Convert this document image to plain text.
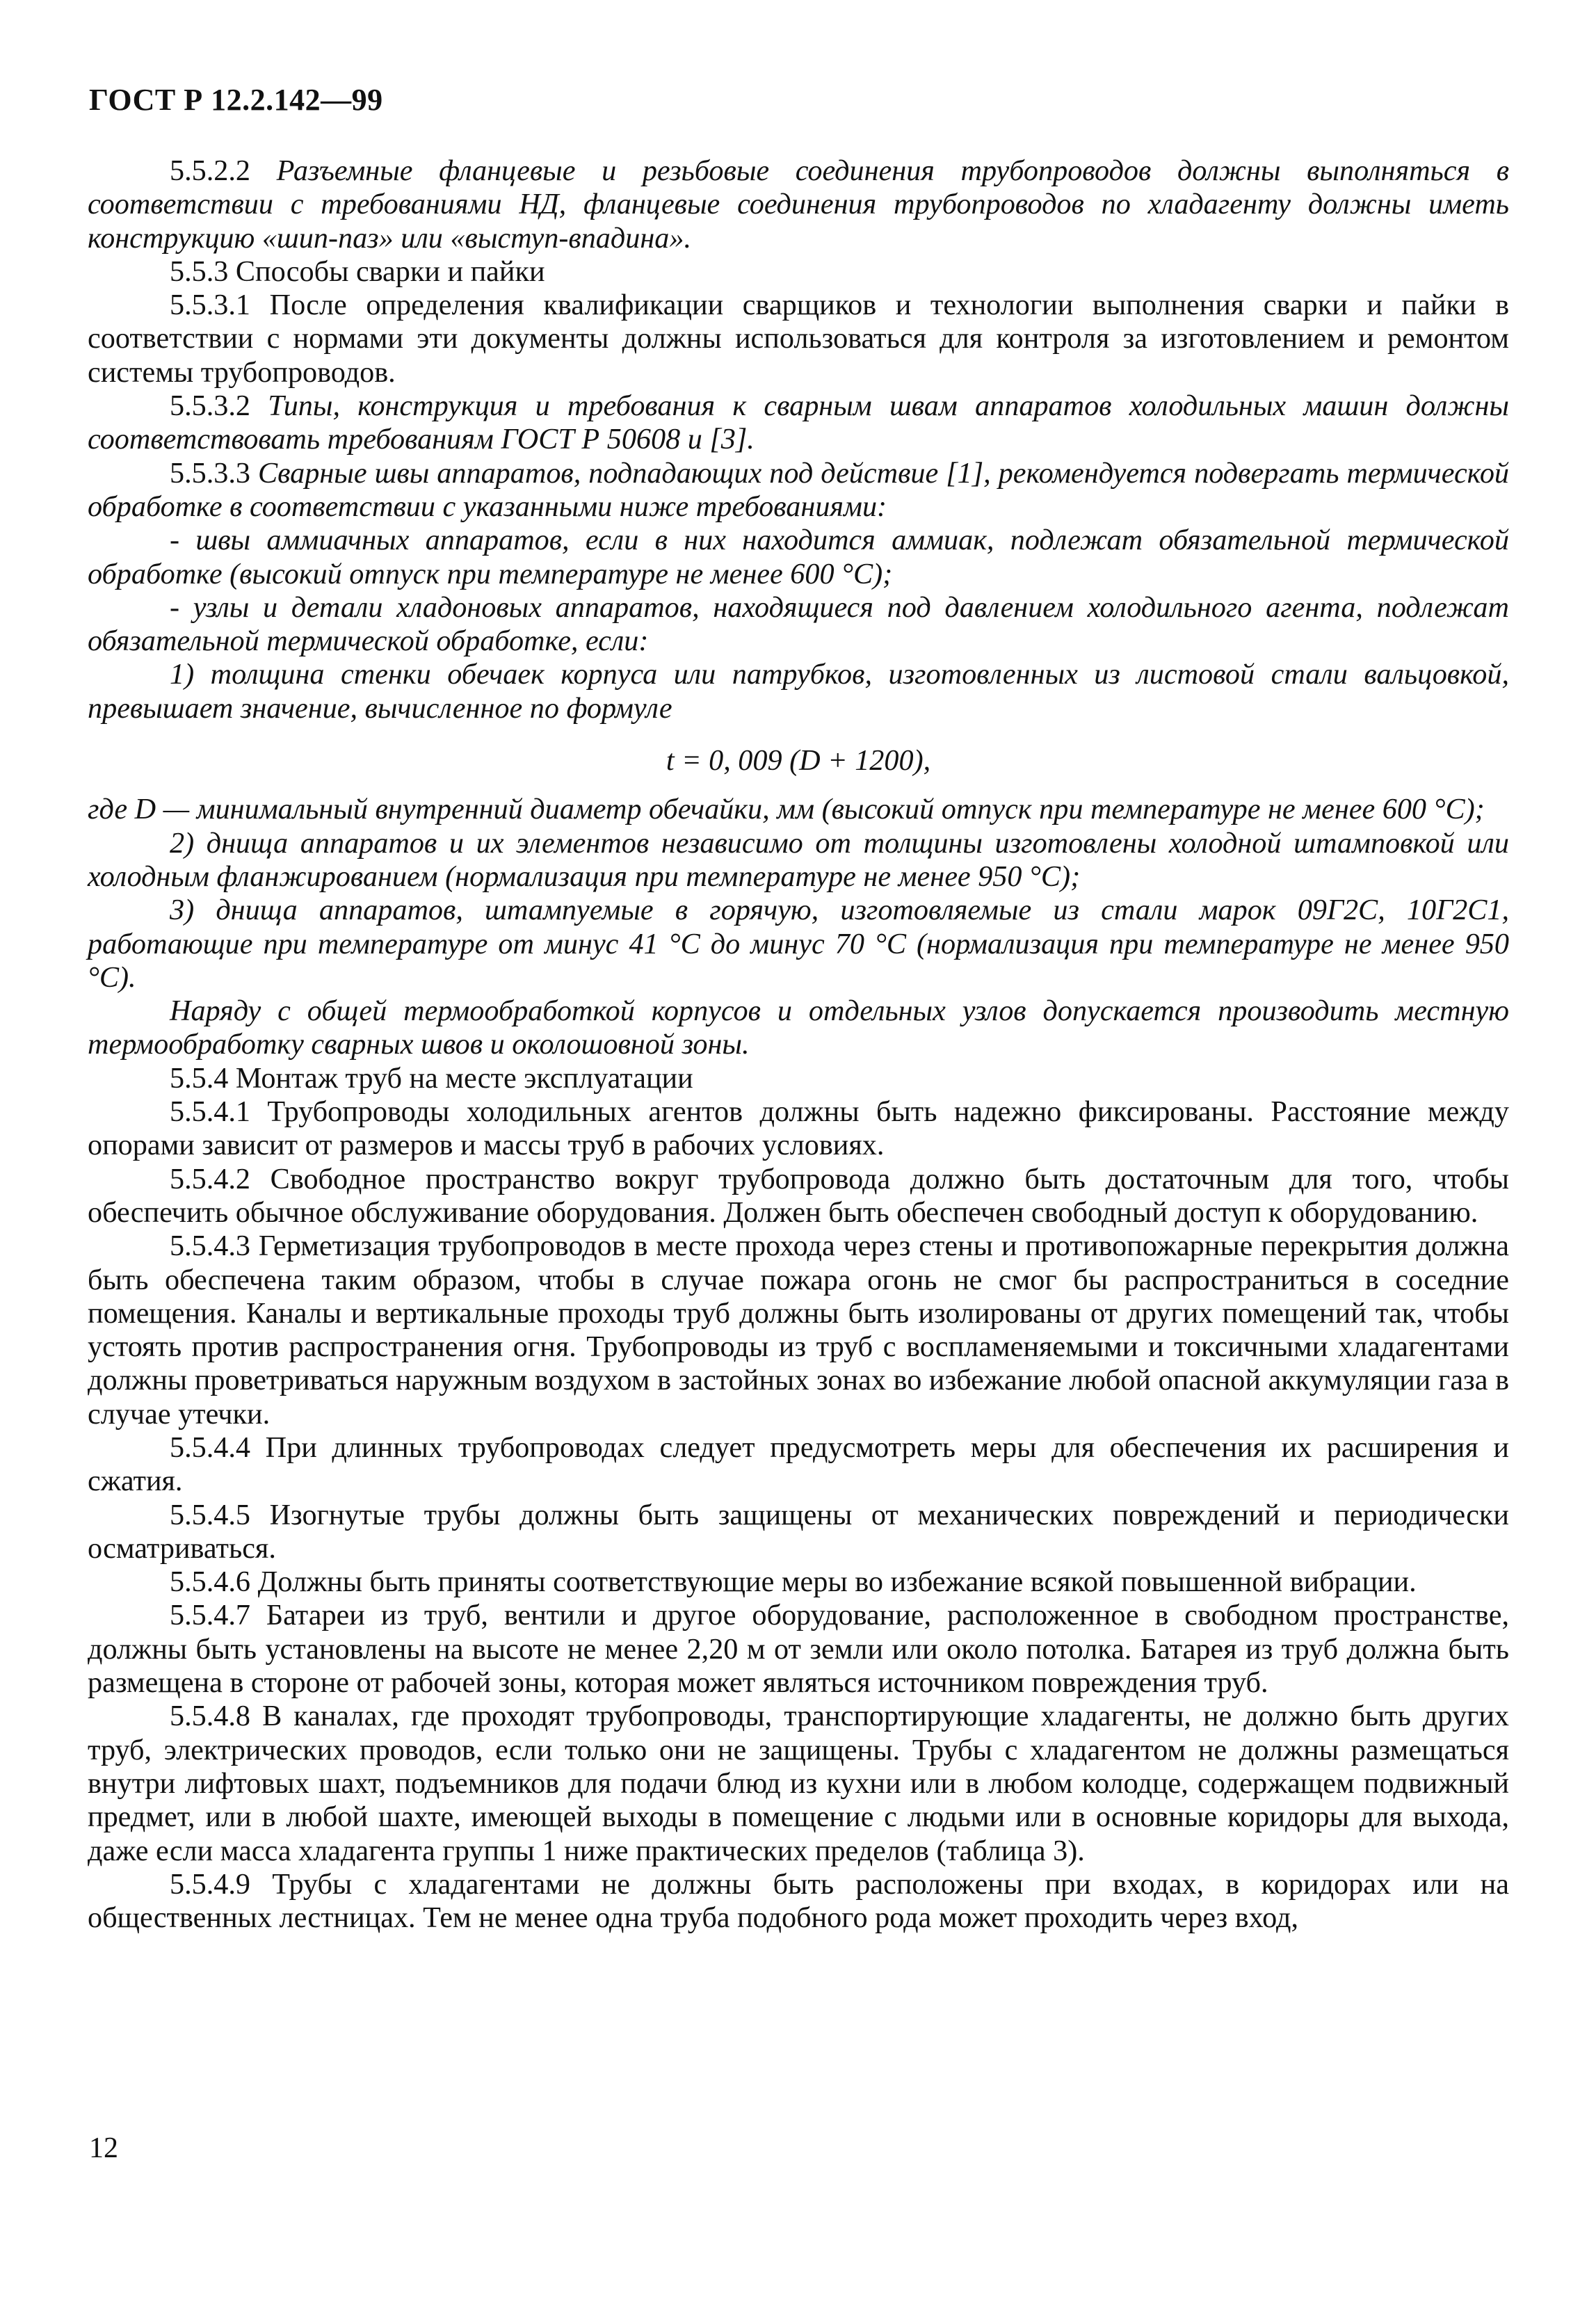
ГОСТ Р 12.2.142—99

5.5.2.2 Разъемные фланцевые и резьбовые соединения трубопроводов должны выполняться в соответствии с требованиями НД, фланцевые соединения трубопроводов по хладагенту должны иметь конструкцию «шип-паз» или «выступ-впадина».

5.5.3 Способы сварки и пайки

5.5.3.1 После определения квалификации сварщиков и технологии выполнения сварки и пайки в соответствии с нормами эти документы должны использоваться для контроля за изготовлением и ремонтом системы трубопроводов.

5.5.3.2 Типы, конструкция и требования к сварным швам аппаратов холодильных машин должны соответствовать требованиям ГОСТ Р 50608 и [3].

5.5.3.3 Сварные швы аппаратов, подпадающих под действие [1], рекомендуется подвергать термической обработке в соответствии с указанными ниже требованиями:

- швы аммиачных аппаратов, если в них находится аммиак, подлежат обязательной термической обработке (высокий отпуск при температуре не менее 600 °С);

- узлы и детали хладоновых аппаратов, находящиеся под давлением холодильного агента, подлежат обязательной термической обработке, если:

1) толщина стенки обечаек корпуса или патрубков, изготовленных из листовой стали вальцовкой, превышает значение, вычисленное по формуле

t = 0, 009 (D + 1200),

где D — минимальный внутренний диаметр обечайки, мм (высокий отпуск при температуре не менее 600 °С);

2) днища аппаратов и их элементов независимо от толщины изготовлены холодной штамповкой или холодным фланжированием (нормализация при температуре не менее 950 °С);

3) днища аппаратов, штампуемые в горячую, изготовляемые из стали марок 09Г2С, 10Г2С1, работающие при температуре от минус 41 °С до минус 70 °С (нормализация при температуре не менее 950 °С).

Наряду с общей термообработкой корпусов и отдельных узлов допускается производить местную термообработку сварных швов и околошовной зоны.

5.5.4 Монтаж труб на месте эксплуатации

5.5.4.1 Трубопроводы холодильных агентов должны быть надежно фиксированы. Расстояние между опорами зависит от размеров и массы труб в рабочих условиях.

5.5.4.2 Свободное пространство вокруг трубопровода должно быть достаточным для того, чтобы обеспечить обычное обслуживание оборудования. Должен быть обеспечен свободный доступ к оборудованию.

5.5.4.3 Герметизация трубопроводов в месте прохода через стены и противопожарные перекрытия должна быть обеспечена таким образом, чтобы в случае пожара огонь не смог бы распространиться в соседние помещения. Каналы и вертикальные проходы труб должны быть изолированы от других помещений так, чтобы устоять против распространения огня. Трубопроводы из труб с воспламеняемыми и токсичными хладагентами должны проветриваться наружным воздухом в застойных зонах во избежание любой опасной аккумуляции газа в случае утечки.

5.5.4.4 При длинных трубопроводах следует предусмотреть меры для обеспечения их расширения и сжатия.

5.5.4.5 Изогнутые трубы должны быть защищены от механических повреждений и периодически осматриваться.

5.5.4.6 Должны быть приняты соответствующие меры во избежание всякой повышенной вибрации.

5.5.4.7 Батареи из труб, вентили и другое оборудование, расположенное в свободном пространстве, должны быть установлены на высоте не менее 2,20 м от земли или около потолка. Батарея из труб должна быть размещена в стороне от рабочей зоны, которая может являться источником повреждения труб.

5.5.4.8 В каналах, где проходят трубопроводы, транспортирующие хладагенты, не должно быть других труб, электрических проводов, если только они не защищены. Трубы с хладагентом не должны размещаться внутри лифтовых шахт, подъемников для подачи блюд из кухни или в любом колодце, содержащем подвижный предмет, или в любой шахте, имеющей выходы в помещение с людьми или в основные коридоры для выхода, даже если масса хладагента группы 1 ниже практических пределов (таблица 3).

5.5.4.9 Трубы с хладагентами не должны быть расположены при входах, в коридорах или на общественных лестницах. Тем не менее одна труба подобного рода может проходить через вход,

12
